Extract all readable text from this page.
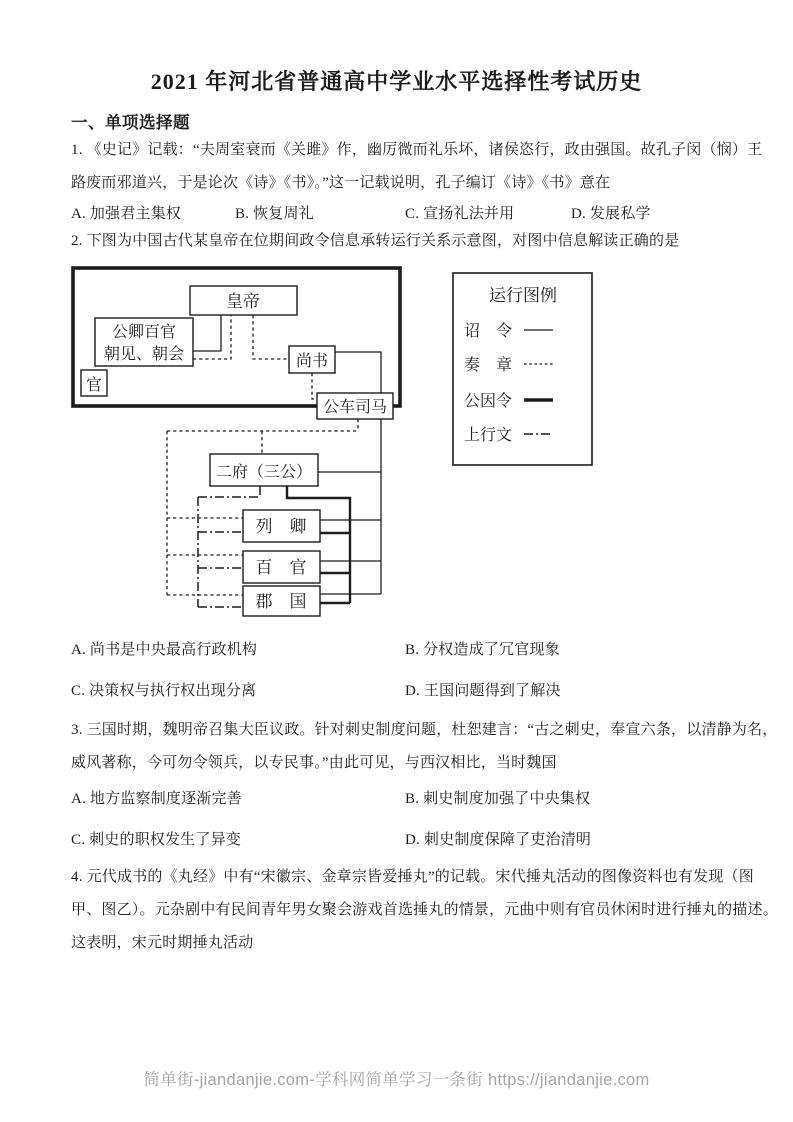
2021 年河北省普通高中学业水平选择性考试历史
一、单项选择题
1. 《史记》记载：“夫周室衰而《关雎》作，幽厉微而礼乐坏，诸侯恣行，政由强国。故孔子闵（悯）王
路废而邪道兴，于是论次《诗》《书》。”这一记载说明，孔子编订《诗》《书》意在
A. 加强君主集权	B. 恢复周礼	C. 宣扬礼法并用	D. 发展私学
2. 下图为中国古代某皇帝在位期间政令信息承转运行关系示意图，对图中信息解读正确的是
皇帝
公卿百官
朝见、朝会
官
尚书
公车司马
二府（三公）
列　卿
百　官
郡　国
运行图例
诏　令
奏　章
公因令
上行文
A. 尚书是中央最高行政机构	B. 分权造成了冗官现象
C. 决策权与执行权出现分离	D. 王国问题得到了解决
3. 三国时期，魏明帝召集大臣议政。针对刺史制度问题，杜恕建言：“古之刺史，奉宣六条，以清静为名，
威风著称，今可勿令领兵，以专民事。”由此可见，与西汉相比，当时魏国
A. 地方监察制度逐渐完善	B. 刺史制度加强了中央集权
C. 刺史的职权发生了异变	D. 刺史制度保障了吏治清明
4. 元代成书的《丸经》中有“宋徽宗、金章宗皆爱捶丸”的记载。宋代捶丸活动的图像资料也有发现（图
甲、图乙）。元杂剧中有民间青年男女聚会游戏首选捶丸的情景，元曲中则有官员休闲时进行捶丸的描述。
这表明，宋元时期捶丸活动
简单街-jiandanjie.com-学科网简单学习一条街 https://jiandanjie.com
